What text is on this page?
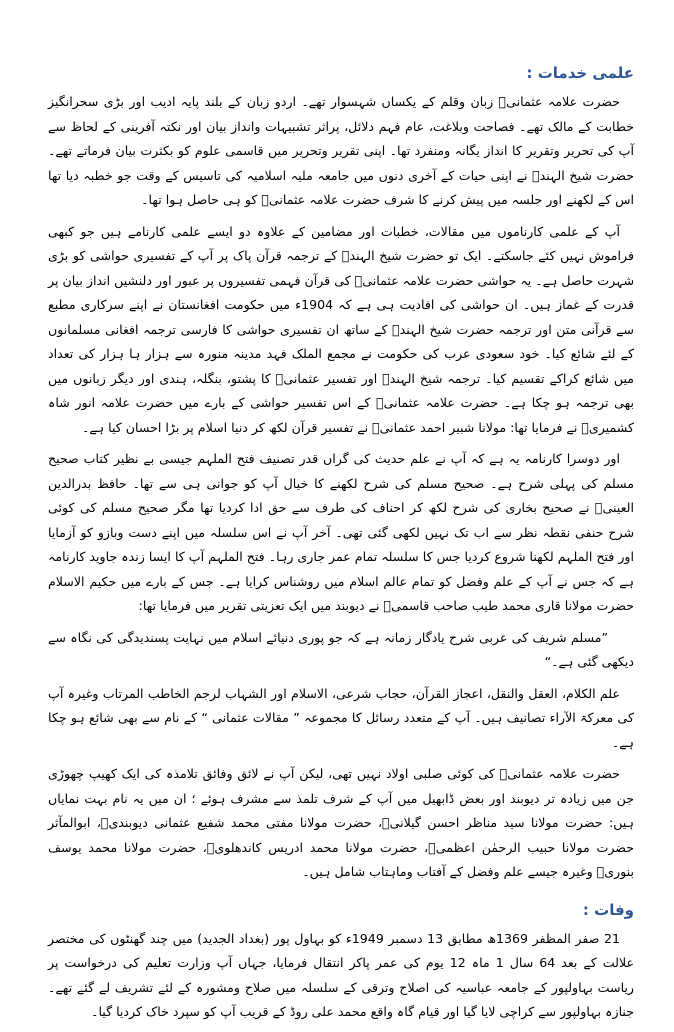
علمی خدمات :

حضرت علامہ عثمانیؒ زبان وقلم کے یکساں شہسوار تھے۔ اردو زبان کے بلند پایہ ادیب اور بڑی سحرانگیز خطابت کے مالک تھے۔ فصاحت وبلاغت، عام فہم دلائل، پراثر تشبیہات وانداز بیان اور نکتہ آفرینی کے لحاظ سے آپ کی تحریر وتقریر کا انداز یگانہ ومنفرد تھا۔ اپنی تقریر وتحریر میں قاسمی علوم کو بکثرت بیان فرماتے تھے۔ حضرت شیخ الہندؒ نے اپنی حیات کے آخری دنوں میں جامعہ ملیہ اسلامیہ کی تاسیس کے وقت جو خطبہ دیا تھا اس کے لکھنے اور جلسہ میں پیش کرنے کا شرف حضرت علامہ عثمانیؒ کو ہی حاصل ہوا تھا۔

آپ کے علمی کارناموں میں مقالات، خطبات اور مضامین کے علاوہ دو ایسے علمی کارنامے ہیں جو کبھی فراموش نہیں کئے جاسکتے۔ ایک تو حضرت شیخ الہندؒ کے ترجمہ قرآن پاک پر آپ کے تفسیری حواشی کو بڑی شہرت حاصل ہے۔ یہ حواشی حضرت علامہ عثمانیؒ کی قرآن فہمی تفسیروں پر عبور اور دلنشیں انداز بیان پر قدرت کے غماز ہیں۔ ان حواشی کی افادیت ہی ہے کہ 1904ء میں حکومت افغانستان نے اپنے سرکاری مطبع سے قرآنی متن اور ترجمہ حضرت شیخ الہندؒ کے ساتھ ان تفسیری حواشی کا فارسی ترجمہ افغانی مسلمانوں کے لئے شائع کیا۔ خود سعودی عرب کی حکومت نے مجمع الملک فہد مدینہ منورہ سے ہزار ہا ہزار کی تعداد میں شائع کراکے تقسیم کیا۔ ترجمہ شیخ الہندؒ اور تفسیر عثمانیؒ کا پشتو، بنگلہ، ہندی اور دیگر زبانوں میں بھی ترجمہ ہو چکا ہے۔ حضرت علامہ عثمانیؒ کے اس تفسیر حواشی کے بارے میں حضرت علامہ انور شاہ کشمیریؒ نے فرمایا تھا: مولانا شبیر احمد عثمانیؒ نے تفسیر قرآن لکھ کر دنیا اسلام پر بڑا احسان کیا ہے۔

اور دوسرا کارنامہ یہ ہے کہ آپ نے علم حدیث کی گراں قدر تصنیف فتح الملہم جیسی بے نظیر کتاب صحیح مسلم کی پہلی شرح ہے۔ صحیح مسلم کی شرح لکھنے کا خیال آپ کو جوانی ہی سے تھا۔ حافظ بدرالدین العینیؒ نے صحیح بخاری کی شرح لکھ کر احناف کی طرف سے حق ادا کردیا تھا مگر صحیح مسلم کی کوئی شرح حنفی نقطہ نظر سے اب تک نہیں لکھی گئی تھی۔ آخر آپ نے اس سلسلہ میں اپنے دست وبازو کو آزمایا اور فتح الملہم لکھنا شروع کردیا جس کا سلسلہ تمام عمر جاری رہا۔ فتح الملہم آپ کا ایسا زندہ جاوید کارنامہ ہے کہ جس نے آپ کے علم وفضل کو تمام عالم اسلام میں روشناس کرایا ہے۔ جس کے بارے میں حکیم الاسلام حضرت مولانا قاری محمد طیب صاحب قاسمیؒ نے دیوبند میں ایک تعزیتی تقریر میں فرمایا تھا:

”مسلم شریف کی عربی شرح یادگار زمانہ ہے کہ جو پوری دنیائے اسلام میں نہایت پسندیدگی کی نگاہ سے دیکھی گئی ہے۔“

علم الکلام، العقل والنقل، اعجاز القرآن، حجاب شرعی، الاسلام اور الشہاب لرجم الخاطب المرتاب وغیرہ آپ کی معرکۃ الآراء تصانیف ہیں۔ آپ کے متعدد رسائل کا مجموعہ ” مقالات عثمانی “ کے نام سے بھی شائع ہو چکا ہے۔

حضرت علامہ عثمانیؒ کی کوئی صلبی اولاد نہیں تھی، لیکن آپ نے لائق وفائق تلامذہ کی ایک کھیپ چھوڑی جن میں زیادہ تر دیوبند اور بعض ڈابھیل میں آپ کے شرف تلمذ سے مشرف ہوئے ؛ ان میں یہ نام بہت نمایاں ہیں: حضرت مولانا سید مناظر احسن گیلانیؒ، حضرت مولانا مفتی محمد شفیع عثمانی دیوبندیؒ، ابوالمآثر حضرت مولانا حبیب الرحمٰن اعظمیؒ، حضرت مولانا محمد ادریس کاندھلویؒ، حضرت مولانا محمد یوسف بنوریؒ وغیرہ جیسے علم وفضل کے آفتاب وماہتاب شامل ہیں۔

وفات :

21 صفر المظفر 1369ھ مطابق 13 دسمبر 1949ء کو بہاول پور (بغداد الجدید) میں چند گھنٹوں کی مختصر علالت کے بعد 64 سال 1 ماہ 12 یوم کی عمر پاکر انتقال فرمایا، جہاں آپ وزارت تعلیم کی درخواست پر ریاست بہاولپور کے جامعہ عباسیہ کی اصلاح وترقی کے سلسلہ میں صلاح ومشورہ کے لئے تشریف لے گئے تھے۔ جنازہ بہاولپور سے کراچی لایا گیا اور قیام گاہ واقع محمد علی روڈ کے قریب آپ کو سپرد خاک کردیا گیا۔
